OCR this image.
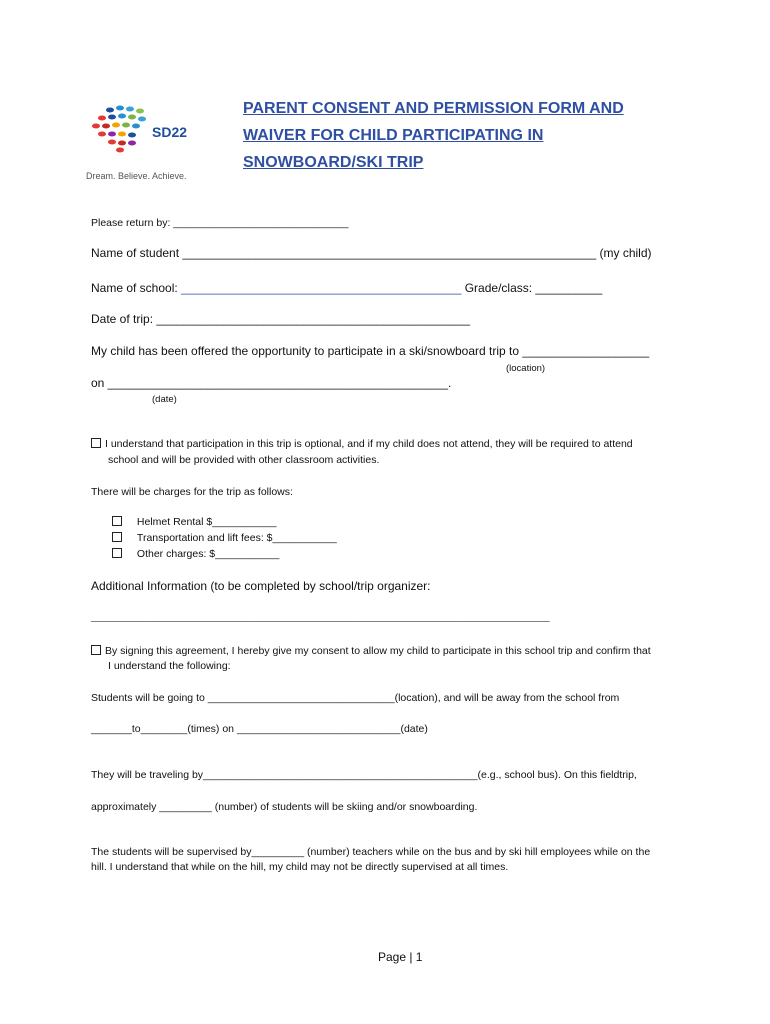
SD22
Dream. Believe. Achieve.
PARENT CONSENT AND PERMISSION FORM AND
WAIVER FOR CHILD PARTICIPATING IN
SNOWBOARD/SKI TRIP
Please return by: ______________________________
Name of student ______________________________________________________________ (my child)
Name of school: __________________________________________ Grade/class: __________
Date of trip: _______________________________________________
My child has been offered the opportunity to participate in a ski/snowboard trip to ___________________
(location)
on ___________________________________________________.
(date)
I understand that participation in this trip is optional, and if my child does not attend, they will be required to attend
school and will be provided with other classroom activities.
There will be charges for the trip as follows:
Helmet Rental $___________
Transportation and lift fees: $___________
Other charges: $___________
Additional Information (to be completed by school/trip organizer:
_________________________________________________________________________________________________
By signing this agreement, I hereby give my consent to allow my child to participate in this school trip and confirm that
I understand the following:
Students will be going to ________________________________(location), and will be away from the school from
_______to________(times) on ____________________________(date)
They will be traveling by_______________________________________________(e.g., school bus). On this fieldtrip,
approximately _________ (number) of students will be skiing and/or snowboarding.
The students will be supervised by_________ (number) teachers while on the bus and by ski hill employees while on the
hill. I understand that while on the hill, my child may not be directly supervised at all times.
Page | 1
